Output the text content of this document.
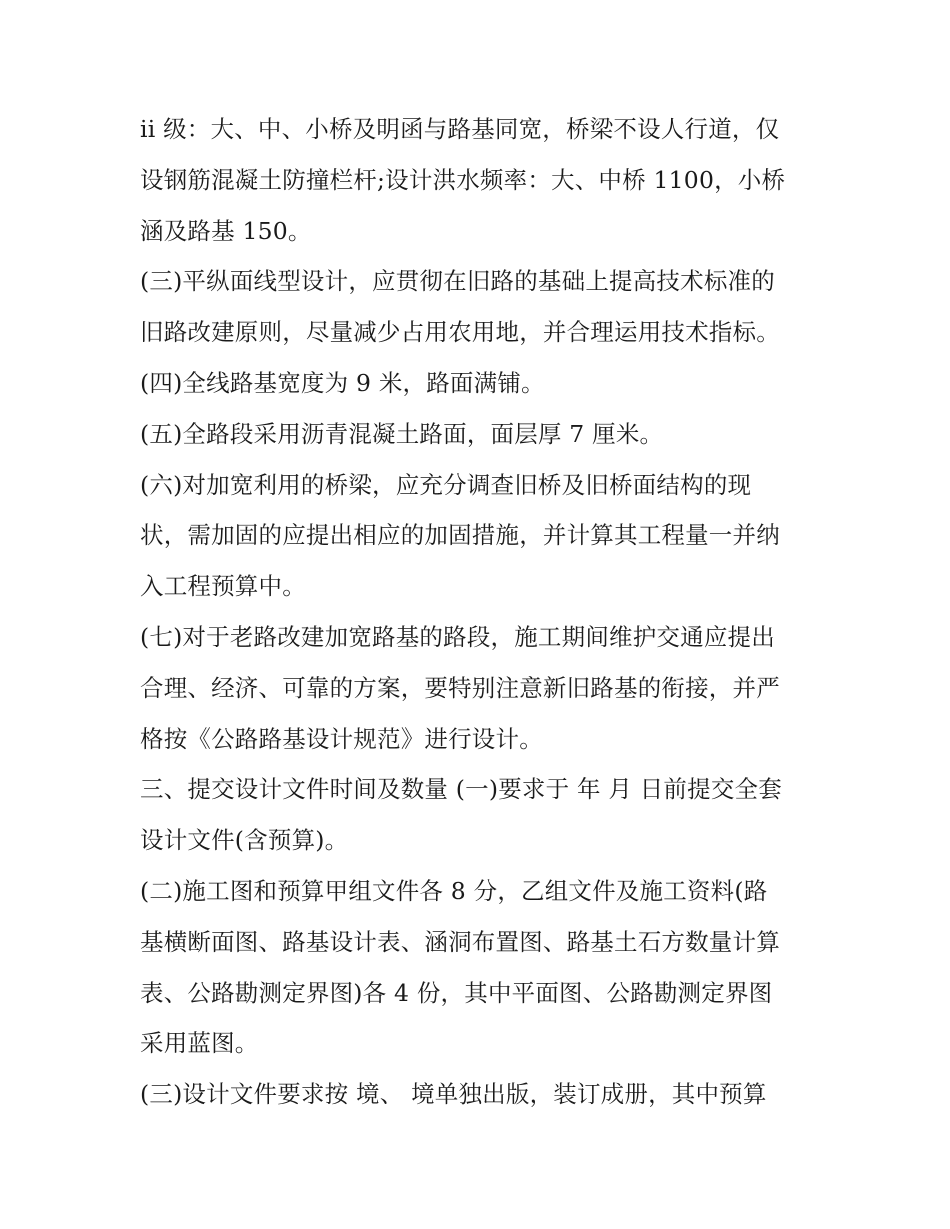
ii 级：大、中、小桥及明函与路基同宽，桥梁不设人行道，仅
设钢筋混凝土防撞栏杆;设计洪水频率：大、中桥 1100，小桥
涵及路基 150。
(三)平纵面线型设计，应贯彻在旧路的基础上提高技术标准的
旧路改建原则，尽量减少占用农用地，并合理运用技术指标。
(四)全线路基宽度为 9 米，路面满铺。
(五)全路段采用沥青混凝土路面，面层厚 7 厘米。
(六)对加宽利用的桥梁，应充分调查旧桥及旧桥面结构的现
状，需加固的应提出相应的加固措施，并计算其工程量一并纳
入工程预算中。
(七)对于老路改建加宽路基的路段，施工期间维护交通应提出
合理、经济、可靠的方案，要特别注意新旧路基的衔接，并严
格按《公路路基设计规范》进行设计。
三、提交设计文件时间及数量 (一)要求于 年 月 日前提交全套
设计文件(含预算)。
(二)施工图和预算甲组文件各 8 分，乙组文件及施工资料(路
基横断面图、路基设计表、涵洞布置图、路基土石方数量计算
表、公路勘测定界图)各 4 份，其中平面图、公路勘测定界图
采用蓝图。
(三)设计文件要求按 境、 境单独出版，装订成册，其中预算
